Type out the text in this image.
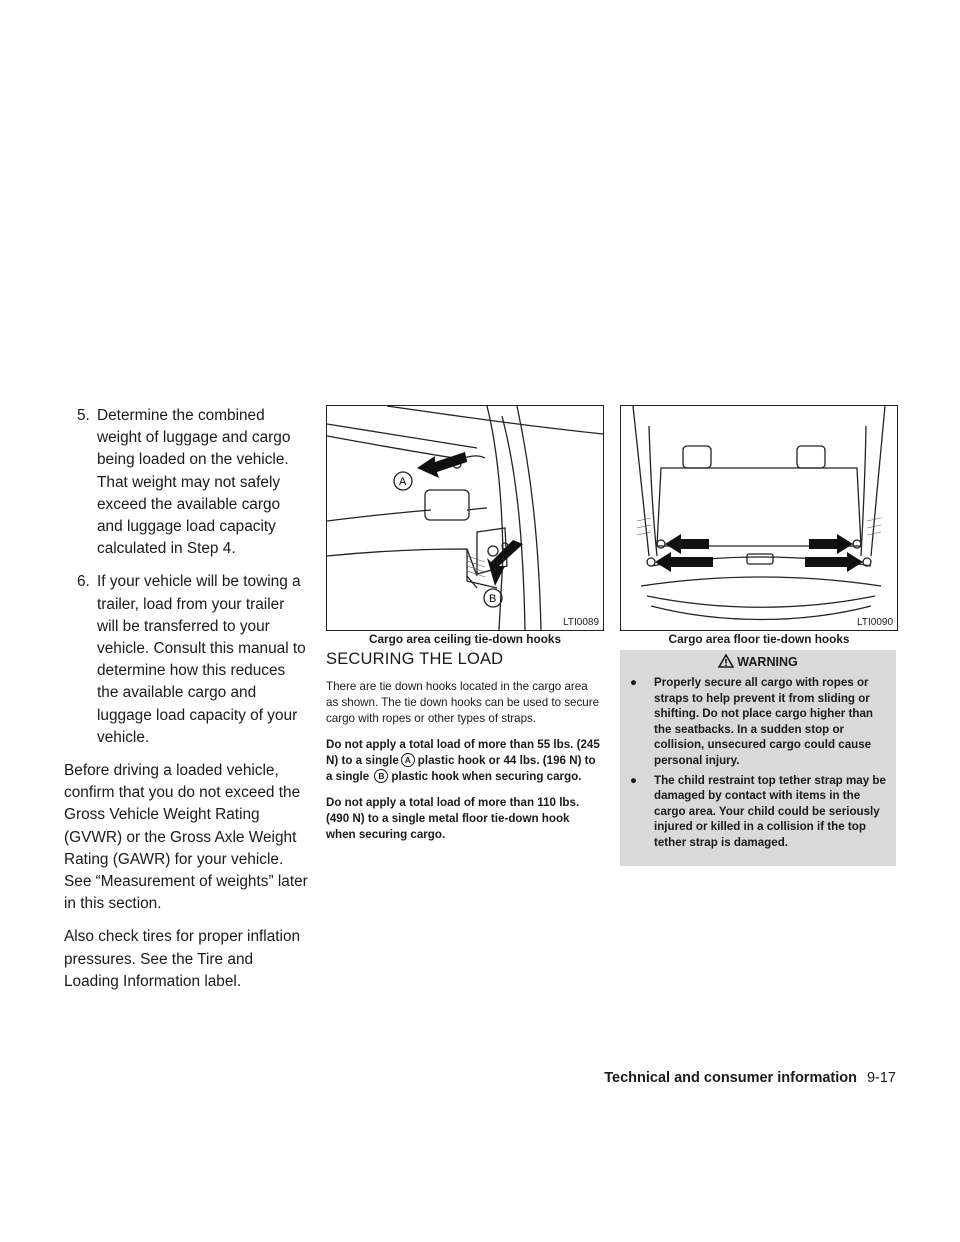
5. Determine the combined weight of luggage and cargo being loaded on the vehicle. That weight may not safely exceed the available cargo and luggage load capacity calculated in Step 4.
6. If your vehicle will be towing a trailer, load from your trailer will be transferred to your vehicle. Consult this manual to determine how this reduces the available cargo and luggage load capacity of your vehicle.

Before driving a loaded vehicle, confirm that you do not exceed the Gross Vehicle Weight Rating (GVWR) or the Gross Axle Weight Rating (GAWR) for your vehicle. See “Measurement of weights” later in this section.

Also check tires for proper inflation pressures. See the Tire and Loading Information label.

A
B
LTI0089
Cargo area ceiling tie-down hooks
LTI0090
Cargo area floor tie-down hooks
SECURING THE LOAD

There are tie down hooks located in the cargo area as shown. The tie down hooks can be used to secure cargo with ropes or other types of straps.

Do not apply a total load of more than 55 lbs. (245 N) to a single A plastic hook or 44 lbs. (196 N) to a single B plastic hook when securing cargo.

Do not apply a total load of more than 110 lbs. (490 N) to a single metal floor tie-down hook when securing cargo.

WARNING
● Properly secure all cargo with ropes or straps to help prevent it from sliding or shifting. Do not place cargo higher than the seatbacks. In a sudden stop or collision, unsecured cargo could cause personal injury.
● The child restraint top tether strap may be damaged by contact with items in the cargo area. Your child could be seriously injured or killed in a collision if the top tether strap is damaged.
Technical and consumer information 9-17
